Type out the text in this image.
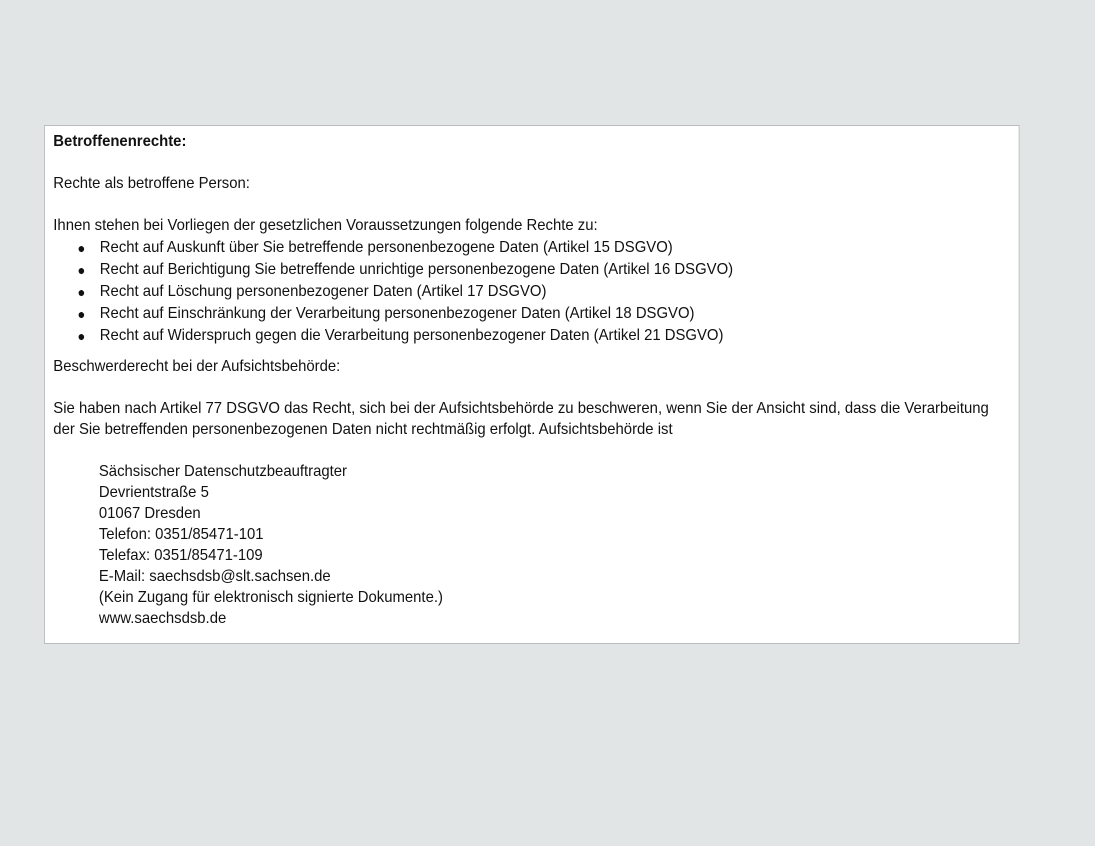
Betroffenenrechte:

Rechte als betroffene Person:

Ihnen stehen bei Vorliegen der gesetzlichen Voraussetzungen folgende Rechte zu:

● Recht auf Auskunft über Sie betreffende personenbezogene Daten (Artikel 15 DSGVO)
● Recht auf Berichtigung Sie betreffende unrichtige personenbezogene Daten (Artikel 16 DSGVO)
● Recht auf Löschung personenbezogener Daten (Artikel 17 DSGVO)
● Recht auf Einschränkung der Verarbeitung personenbezogener Daten (Artikel 18 DSGVO)
● Recht auf Widerspruch gegen die Verarbeitung personenbezogener Daten (Artikel 21 DSGVO)

Beschwerderecht bei der Aufsichtsbehörde:

Sie haben nach Artikel 77 DSGVO das Recht, sich bei der Aufsichtsbehörde zu beschweren, wenn Sie der Ansicht sind, dass die Verarbeitung der Sie betreffenden personenbezogenen Daten nicht rechtmäßig erfolgt. Aufsichtsbehörde ist

Sächsischer Datenschutzbeauftragter
Devrientstraße 5
01067 Dresden
Telefon: 0351/85471-101
Telefax: 0351/85471-109
E-Mail: saechsdsb@slt.sachsen.de
(Kein Zugang für elektronisch signierte Dokumente.)
www.saechsdsb.de
